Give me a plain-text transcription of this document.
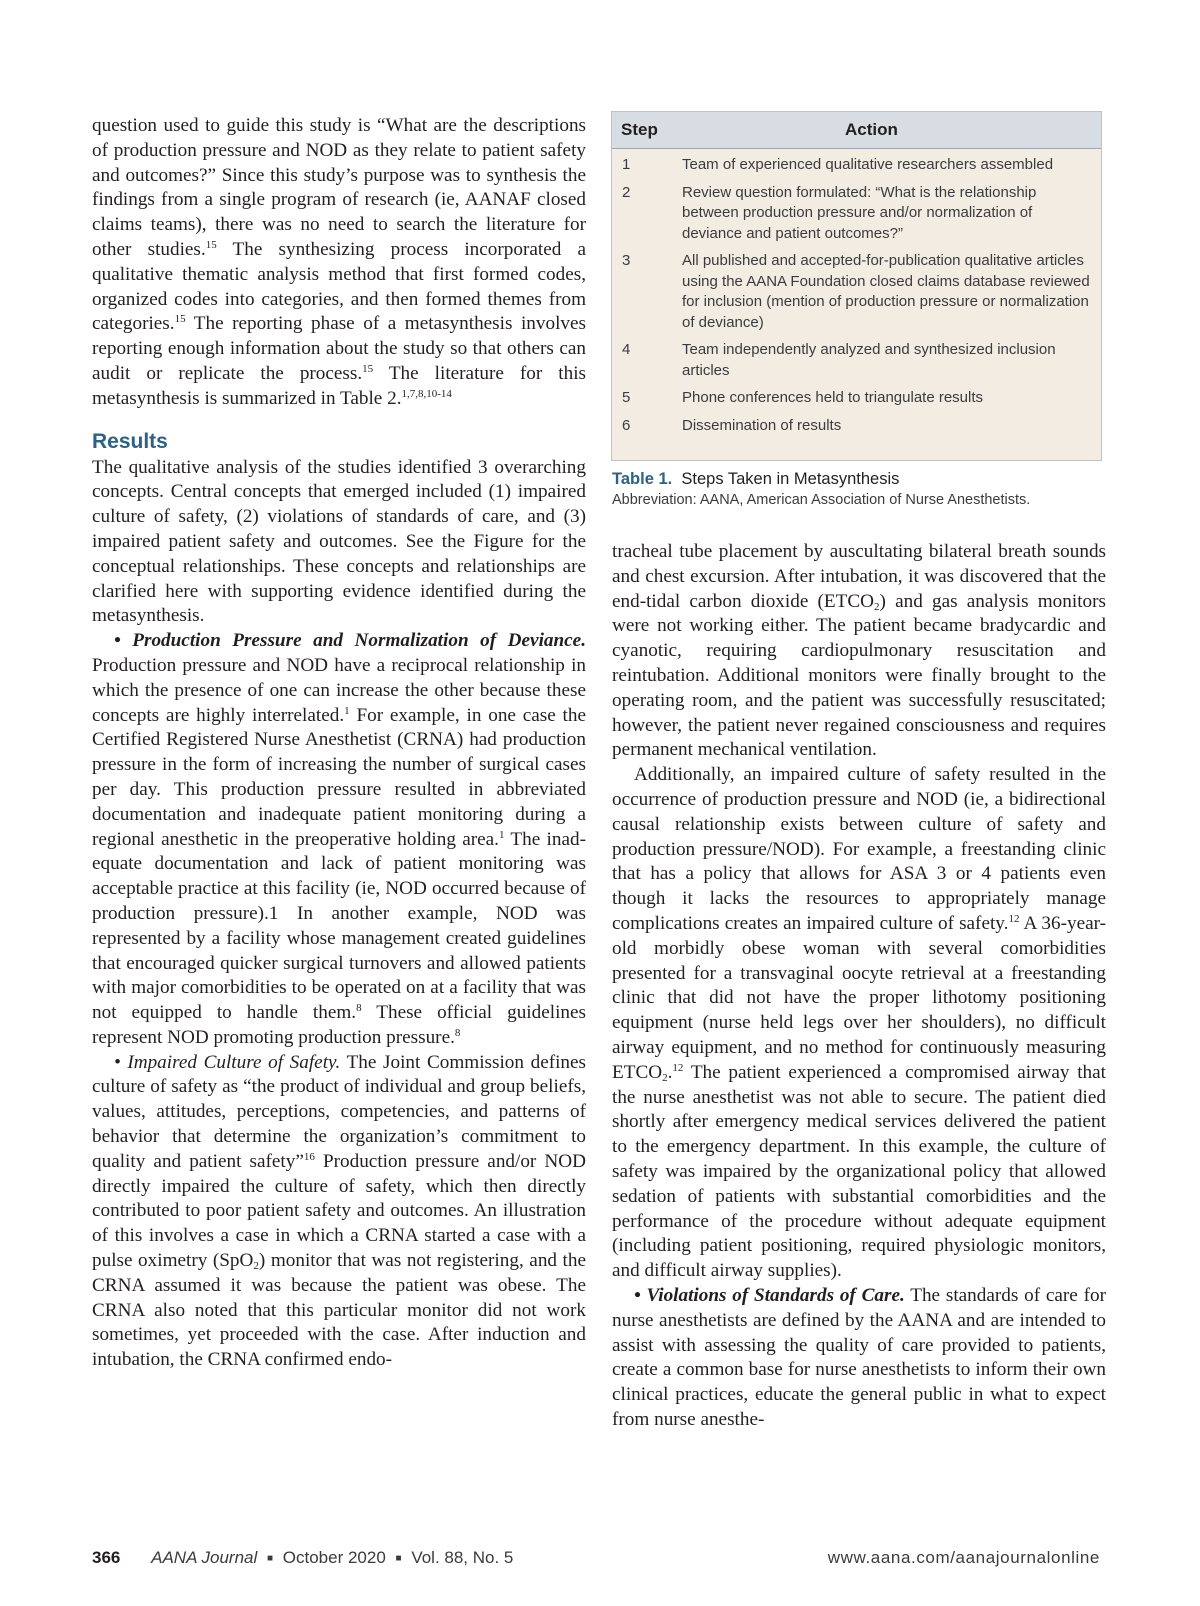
question used to guide this study is “What are the descriptions of production pressure and NOD as they relate to patient safety and outcomes?” Since this study’s purpose was to synthesis the findings from a single program of research (ie, AANAF closed claims teams), there was no need to search the literature for other studies.$^{15}$ The synthesizing process incorporated a qualitative thematic analysis method that first formed codes, organized codes into categories, and then formed themes from categories.$^{15}$ The reporting phase of a metasynthesis involves reporting enough information about the study so that others can audit or replicate the process.$^{15}$ The literature for this metasynthesis is summarized in Table 2.$^{1,7,8,10-14}$

Results

The qualitative analysis of the studies identified 3 overarching concepts. Central concepts that emerged included (1) impaired culture of safety, (2) violations of standards of care, and (3) impaired patient safety and outcomes. See the Figure for the conceptual relationships. These concepts and relationships are clarified here with supporting evidence identified during the metasynthesis.

• Production Pressure and Normalization of Deviance. Production pressure and NOD have a reciprocal relationship in which the presence of one can increase the other because these concepts are highly interrelated.$^1$ For example, in one case the Certified Registered Nurse Anesthetist (CRNA) had production pressure in the form of increasing the number of surgical cases per day. This production pressure resulted in abbreviated documentation and inadequate patient monitoring during a regional anesthetic in the preoperative holding area.$^1$ The inadequate documentation and lack of patient monitoring was acceptable practice at this facility (ie, NOD occurred because of production pressure).1 In another example, NOD was represented by a facility whose management created guidelines that encouraged quicker surgical turnovers and allowed patients with major comorbidities to be operated on at a facility that was not equipped to handle them.$^8$ These official guidelines represent NOD promoting production pressure.$^8$

• Impaired Culture of Safety. The Joint Commission defines culture of safety as “the product of individual and group beliefs, values, attitudes, perceptions, competencies, and patterns of behavior that determine the organization’s commitment to quality and patient safety”$^{16}$ Production pressure and/or NOD directly impaired the culture of safety, which then directly contributed to poor patient safety and outcomes. An illustration of this involves a case in which a CRNA started a case with a pulse oximetry (SpO$_2$) monitor that was not registering, and the CRNA assumed it was because the patient was obese. The CRNA also noted that this particular monitor did not work sometimes, yet proceeded with the case. After induction and intubation, the CRNA confirmed endo-

Step	Action
1	Team of experienced qualitative researchers assembled
2	Review question formulated: “What is the relationship between production pressure and/or normalization of deviance and patient outcomes?”
3	All published and accepted-for-publication qualitative articles using the AANA Foundation closed claims database reviewed for inclusion (mention of production pressure or normalization of deviance)
4	Team independently analyzed and synthesized inclusion articles
5	Phone conferences held to triangulate results
6	Dissemination of results
Table 1. Steps Taken in Metasynthesis
Abbreviation: AANA, American Association of Nurse Anesthetists.

tracheal tube placement by auscultating bilateral breath sounds and chest excursion. After intubation, it was discovered that the end-tidal carbon dioxide $(ETCO_2)$ and gas analysis monitors were not working either. The patient became bradycardic and cyanotic, requiring cardiopulmonary resuscitation and reintubation. Additional monitors were finally brought to the operating room, and the patient was successfully resuscitated; however, the patient never regained consciousness and requires permanent mechanical ventilation.

Additionally, an impaired culture of safety resulted in the occurrence of production pressure and NOD (ie, a bidirectional causal relationship exists between culture of safety and production pressure/NOD). For example, a freestanding clinic that has a policy that allows for ASA 3 or 4 patients even though it lacks the resources to appropriately manage complications creates an impaired culture of safety.$^{12}$ A 36-year-old morbidly obese woman with several comorbidities presented for a transvaginal oocyte retrieval at a freestanding clinic that did not have the proper lithotomy positioning equipment (nurse held legs over her shoulders), no difficult airway equipment, and no method for continuously measuring $ETCO_2.^{12}$ The patient experienced a compromised airway that the nurse anesthetist was not able to secure. The patient died shortly after emergency medical services delivered the patient to the emergency department. In this example, the culture of safety was impaired by the organizational policy that allowed sedation of patients with substantial comorbidities and the performance of the procedure without adequate equipment (including patient positioning, required physiologic monitors, and difficult airway supplies).

• Violations of Standards of Care. The standards of care for nurse anesthetists are defined by the AANA and are intended to assist with assessing the quality of care provided to patients, create a common base for nurse anesthetists to inform their own clinical practices, educate the general public in what to expect from nurse anesthe-

366 AANA Journal ■ October 2020 ■ Vol. 88, No. 5	www.aana.com/aanajournalonline
